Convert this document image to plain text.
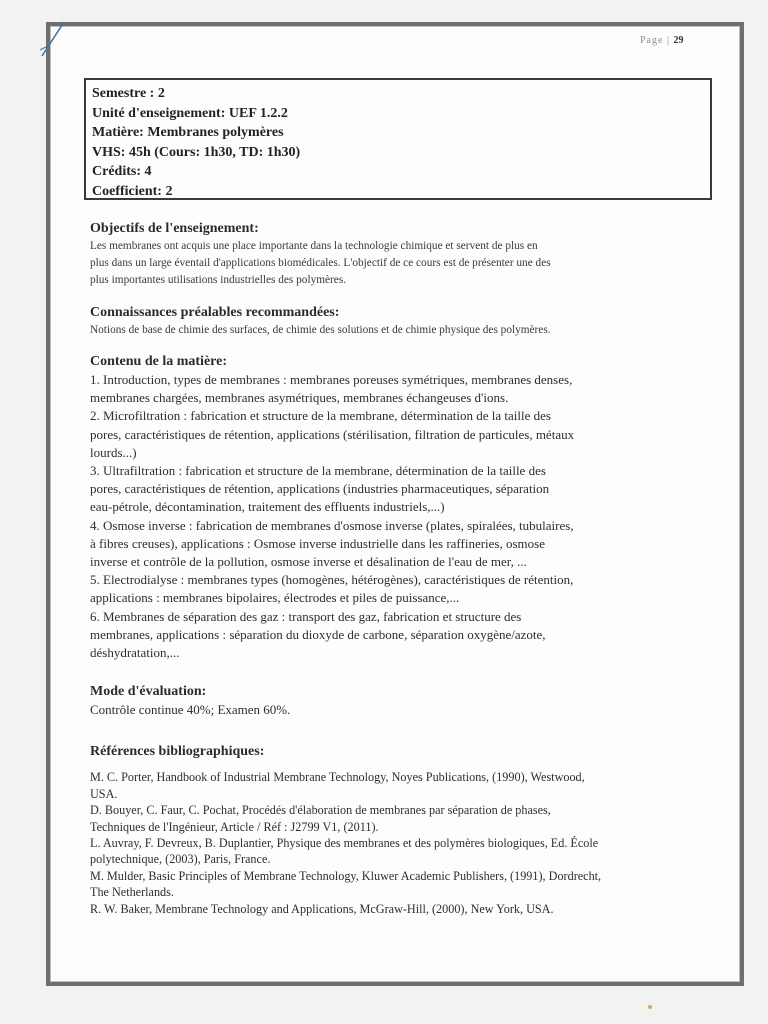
Page | 29
Semestre : 2
Unité d'enseignement: UEF 1.2.2
Matière: Membranes polymères
VHS: 45h (Cours: 1h30, TD: 1h30)
Crédits: 4
Coefficient: 2
Objectifs de l'enseignement:
Les membranes ont acquis une place importante dans la technologie chimique et servent de plus en
plus dans un large éventail d'applications biomédicales. L'objectif de ce cours est de présenter une des
plus importantes utilisations industrielles des polymères.
Connaissances préalables recommandées:
Notions de base de chimie des surfaces, de chimie des solutions et de chimie physique des polymères.
Contenu de la matière:
1. Introduction, types de membranes : membranes poreuses symétriques, membranes denses,
membranes chargées, membranes asymétriques, membranes échangeuses d'ions.
2. Microfiltration : fabrication et structure de la membrane, détermination de la taille des
pores, caractéristiques de rétention, applications (stérilisation, filtration de particules, métaux
lourds...)
3. Ultrafiltration : fabrication et structure de la membrane, détermination de la taille des
pores, caractéristiques de rétention, applications (industries pharmaceutiques, séparation
eau-pétrole, décontamination, traitement des effluents industriels,...)
4. Osmose inverse : fabrication de membranes d'osmose inverse (plates, spiralées, tubulaires,
à fibres creuses), applications : Osmose inverse industrielle dans les raffineries, osmose
inverse et contrôle de la pollution, osmose inverse et désalination de l'eau de mer, ...
5. Electrodialyse : membranes types (homogènes, hétérogènes), caractéristiques de rétention,
applications : membranes bipolaires, électrodes et piles de puissance,...
6. Membranes de séparation des gaz : transport des gaz, fabrication et structure des
membranes, applications : séparation du dioxyde de carbone, séparation oxygène/azote,
déshydratation,...
Mode d'évaluation:
Contrôle continue 40%; Examen 60%.
Références bibliographiques:
M. C. Porter, Handbook of Industrial Membrane Technology, Noyes Publications, (1990), Westwood,
USA.
D. Bouyer, C. Faur, C. Pochat, Procédés d'élaboration de membranes par séparation de phases,
Techniques de l'Ingénieur, Article / Réf : J2799 V1, (2011).
L. Auvray, F. Devreux, B. Duplantier, Physique des membranes et des polymères biologiques, Ed. École
polytechnique, (2003), Paris, France.
M. Mulder, Basic Principles of Membrane Technology, Kluwer Academic Publishers, (1991), Dordrecht,
The Netherlands.
R. W. Baker, Membrane Technology and Applications, McGraw-Hill, (2000), New York, USA.
